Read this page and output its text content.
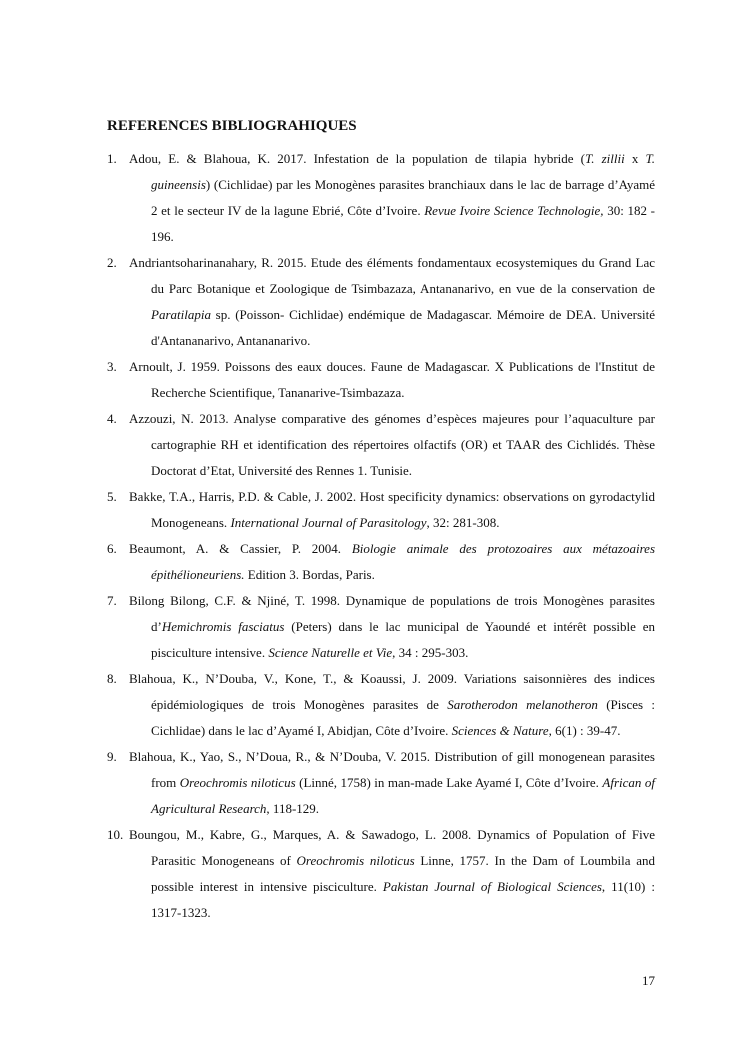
REFERENCES BIBLIOGRAHIQUES
1. Adou, E. & Blahoua, K. 2017. Infestation de la population de tilapia hybride (T. zillii x T. guineensis) (Cichlidae) par les Monogènes parasites branchiaux dans le lac de barrage d’Ayamé 2 et le secteur IV de la lagune Ebrié, Côte d’Ivoire. Revue Ivoire Science Technologie, 30: 182 - 196.
2. Andriantsoharinanahary, R. 2015. Etude des éléments fondamentaux ecosystemiques du Grand Lac du Parc Botanique et Zoologique de Tsimbazaza, Antananarivo, en vue de la conservation de Paratilapia sp. (Poisson- Cichlidae) endémique de Madagascar. Mémoire de DEA. Université d'Antananarivo, Antananarivo.
3. Arnoult, J. 1959. Poissons des eaux douces. Faune de Madagascar. X Publications de l'Institut de Recherche Scientifique, Tananarive-Tsimbazaza.
4. Azzouzi, N. 2013. Analyse comparative des génomes d’espèces majeures pour l’aquaculture par cartographie RH et identification des répertoires olfactifs (OR) et TAAR des Cichlidés. Thèse Doctorat d’Etat, Université des Rennes 1. Tunisie.
5. Bakke, T.A., Harris, P.D. & Cable, J. 2002. Host specificity dynamics: observations on gyrodactylid Monogeneans. International Journal of Parasitology, 32: 281-308.
6. Beaumont, A. & Cassier, P. 2004. Biologie animale des protozoaires aux métazoaires épithélioneuriens. Edition 3. Bordas, Paris.
7. Bilong Bilong, C.F. & Njiné, T. 1998. Dynamique de populations de trois Monogènes parasites d’Hemichromis fasciatus (Peters) dans le lac municipal de Yaoundé et intérêt possible en pisciculture intensive. Science Naturelle et Vie, 34 : 295-303.
8. Blahoua, K., N’Douba, V., Kone, T., & Koaussi, J. 2009. Variations saisonnières des indices épidémiologiques de trois Monogènes parasites de Sarotherodon melanotheron (Pisces : Cichlidae) dans le lac d’Ayamé I, Abidjan, Côte d’Ivoire. Sciences & Nature, 6(1) : 39-47.
9. Blahoua, K., Yao, S., N’Doua, R., & N’Douba, V. 2015. Distribution of gill monogenean parasites from Oreochromis niloticus (Linné, 1758) in man-made Lake Ayamé I, Côte d’Ivoire. African of Agricultural Research, 118-129.
10. Boungou, M., Kabre, G., Marques, A. & Sawadogo, L. 2008. Dynamics of Population of Five Parasitic Monogeneans of Oreochromis niloticus Linne, 1757. In the Dam of Loumbila and possible interest in intensive pisciculture. Pakistan Journal of Biological Sciences, 11(10) : 1317-1323.
17
